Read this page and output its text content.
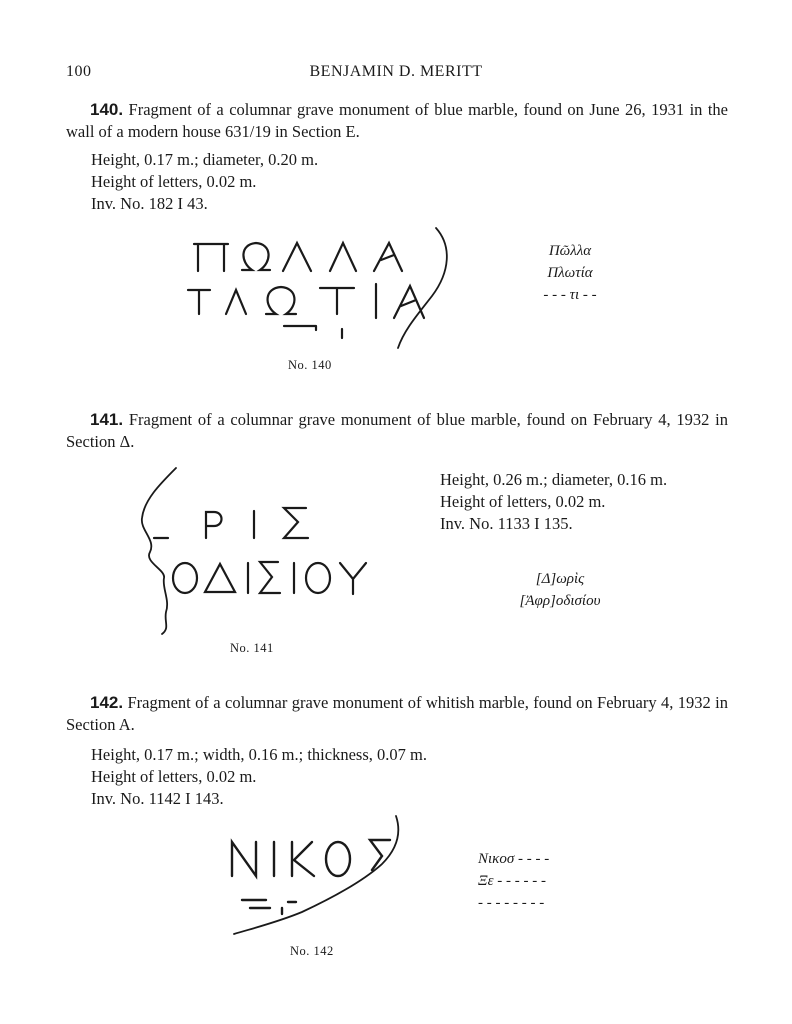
100	BENJAMIN D. MERITT
140. Fragment of a columnar grave monument of blue marble, found on June 26, 1931 in the wall of a modern house 631/19 in Section E.
Height, 0.17 m.; diameter, 0.20 m.
Height of letters, 0.02 m.
Inv. No. 182 I 43.
Πῶλλα
Πλωτία
- - - τι - -
No. 140
141. Fragment of a columnar grave monument of blue marble, found on February 4, 1932 in Section Δ.
Height, 0.26 m.; diameter, 0.16 m.
Height of letters, 0.02 m.
Inv. No. 1133 I 135.
[Δ]ωρὶς
[Ἀφρ]οδισίου
No. 141
142. Fragment of a columnar grave monument of whitish marble, found on February 4, 1932 in Section A.
Height, 0.17 m.; width, 0.16 m.; thickness, 0.07 m.
Height of letters, 0.02 m.
Inv. No. 1142 I 143.
Νικοσ - - - -
Ξε - - - - - -
- - - - - - - -
No. 142
